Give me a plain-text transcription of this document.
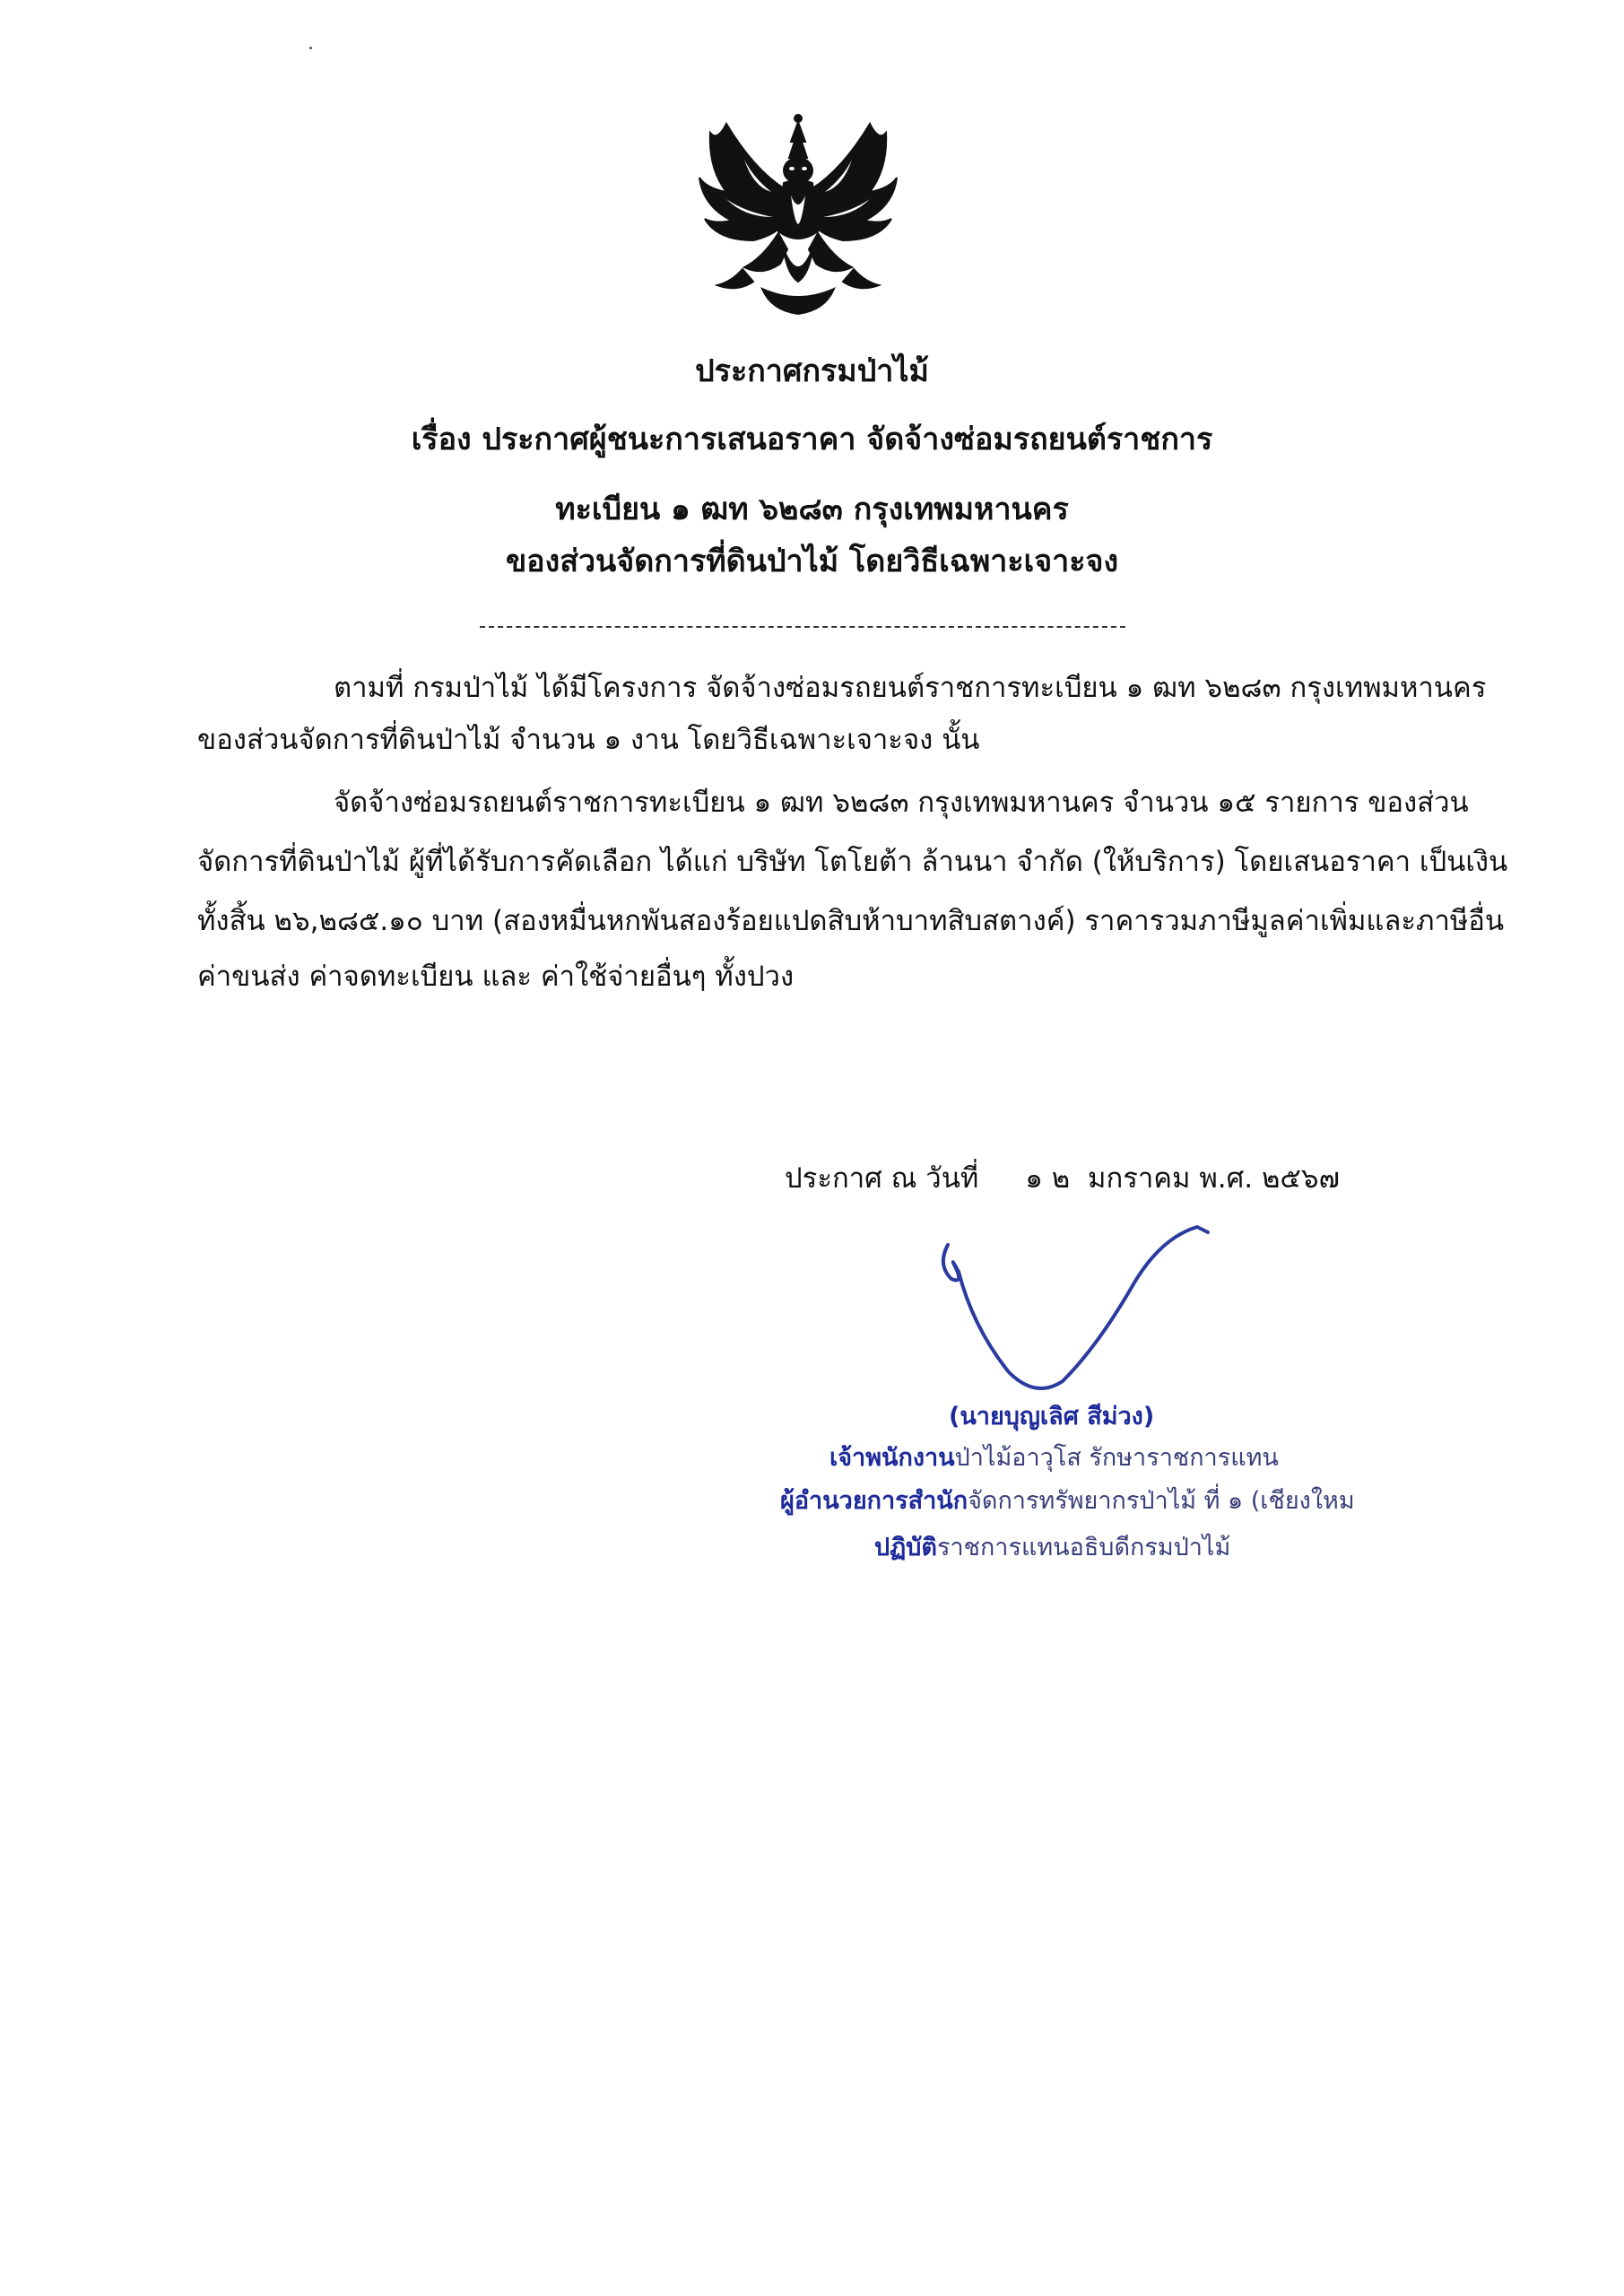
ประกาศกรมป่าไม้
เรื่อง ประกาศผู้ชนะการเสนอราคา จัดจ้างซ่อมรถยนต์ราชการ
ทะเบียน ๑ ฒท ๖๒๘๓ กรุงเทพมหานคร
ของส่วนจัดการที่ดินป่าไม้ โดยวิธีเฉพาะเจาะจง
ตามที่ กรมป่าไม้ ได้มีโครงการ จัดจ้างซ่อมรถยนต์ราชการทะเบียน ๑ ฒท ๖๒๘๓ กรุงเทพมหานคร
ของส่วนจัดการที่ดินป่าไม้ จำนวน ๑ งาน โดยวิธีเฉพาะเจาะจง นั้น
จัดจ้างซ่อมรถยนต์ราชการทะเบียน ๑ ฒท ๖๒๘๓ กรุงเทพมหานคร จำนวน ๑๕ รายการ ของส่วน
จัดการที่ดินป่าไม้ ผู้ที่ได้รับการคัดเลือก ได้แก่ บริษัท โตโยต้า ล้านนา จำกัด (ให้บริการ) โดยเสนอราคา เป็นเงิน
ทั้งสิ้น ๒๖,๒๘๕.๑๐ บาท (สองหมื่นหกพันสองร้อยแปดสิบห้าบาทสิบสตางค์) ราคารวมภาษีมูลค่าเพิ่มและภาษีอื่น
ค่าขนส่ง ค่าจดทะเบียน และ ค่าใช้จ่ายอื่นๆ ทั้งปวง
ประกาศ ณ วันที่ ๑ ๒ มกราคม พ.ศ. ๒๕๖๗
(นายบุญเลิศ สีม่วง)
เจ้าพนักงานป่าไม้อาวุโส รักษาราชการแทน
ผู้อำนวยการสำนักจัดการทรัพยากรป่าไม้ ที่ ๑ (เชียงใหม
ปฏิบัติราชการแทนอธิบดีกรมป่าไม้
